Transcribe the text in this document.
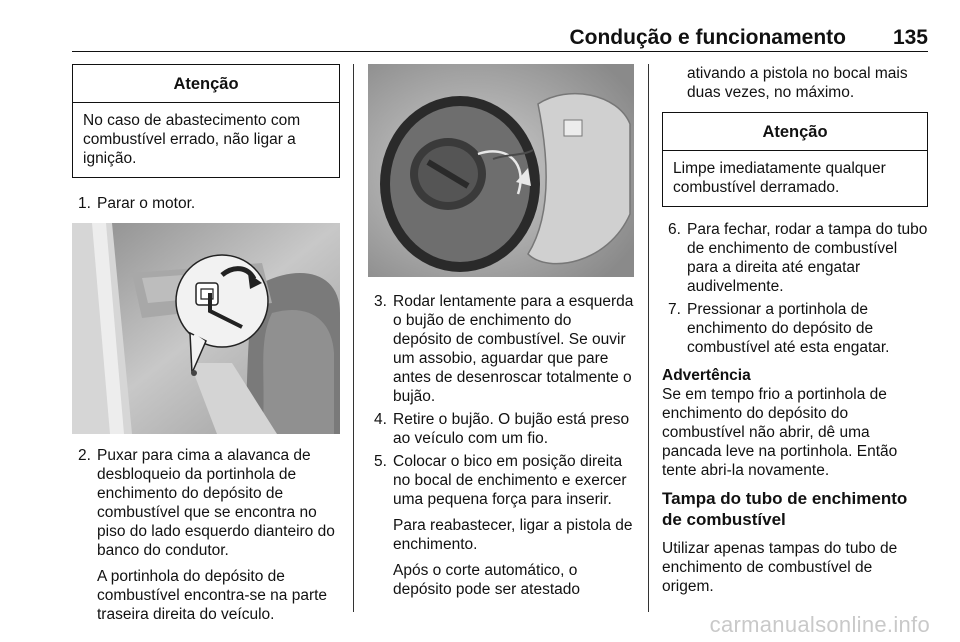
Condução e funcionamento 135
Atenção
No caso de abastecimento com combustível errado, não ligar a ignição.
1. Parar o motor.
2. Puxar para cima a alavanca de desbloqueio da portinhola de enchimento do depósito de combustível que se encontra no piso do lado esquerdo dianteiro do banco do condutor.
A portinhola do depósito de combustível encontra-se na parte traseira direita do veículo.
3. Rodar lentamente para a esquerda o bujão de enchimento do depósito de combustível. Se ouvir um assobio, aguardar que pare antes de desenroscar totalmente o bujão.
4. Retire o bujão. O bujão está preso ao veículo com um fio.
5. Colocar o bico em posição direita no bocal de enchimento e exercer uma pequena força para inserir.
Para reabastecer, ligar a pistola de enchimento.
Após o corte automático, o depósito pode ser atestado
ativando a pistola no bocal mais duas vezes, no máximo.
Atenção
Limpe imediatamente qualquer combustível derramado.
6. Para fechar, rodar a tampa do tubo de enchimento de combustível para a direita até engatar audivelmente.
7. Pressionar a portinhola de enchimento do depósito de combustível até esta engatar.
Advertência
Se em tempo frio a portinhola de enchimento do depósito do combustível não abrir, dê uma pancada leve na portinhola. Então tente abri-la novamente.
Tampa do tubo de enchimento de combustível
Utilizar apenas tampas do tubo de enchimento de combustível de origem.
carmanualsonline.info
